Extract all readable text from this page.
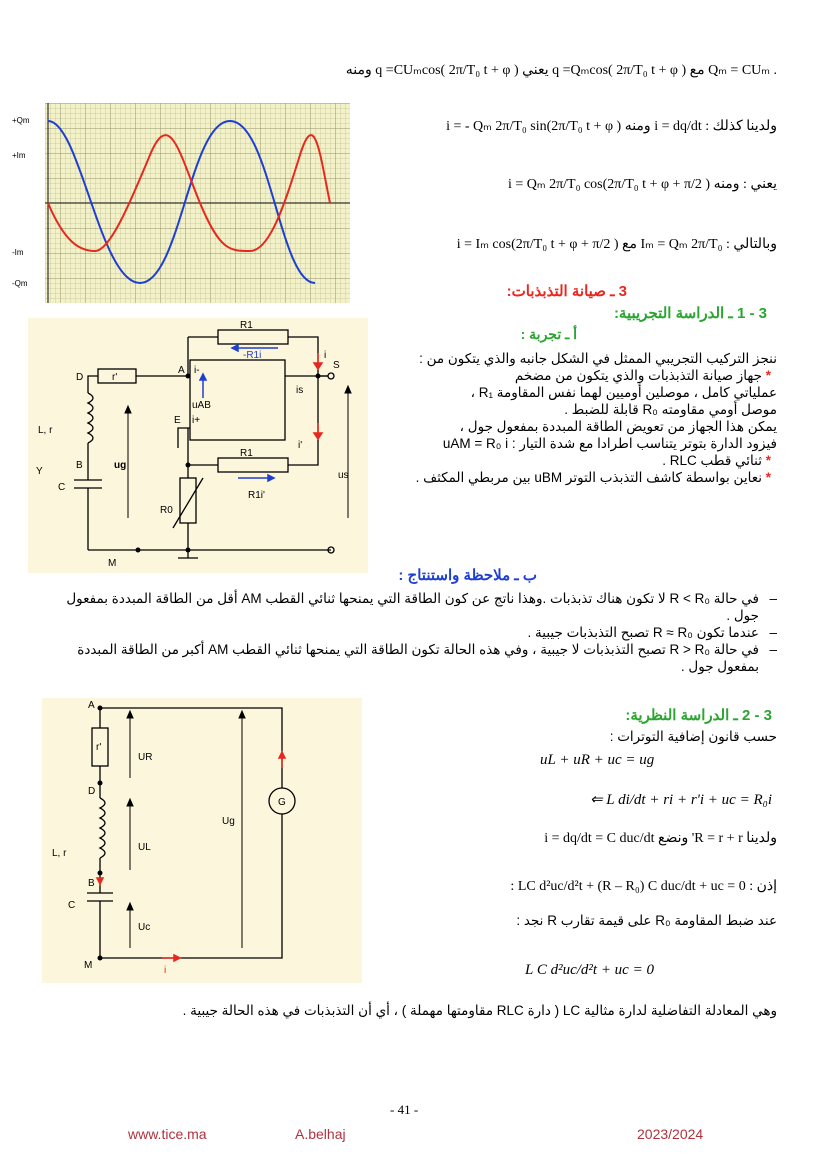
. Qₘ = CUₘ مع q =Qₘcos( 2π/T₀ t + φ ) يعني q =CUₘcos( 2π/T₀ t + φ ) ومنه
ولدينا كذلك : i = dq/dt ومنه i = - Qₘ 2π/T₀ sin(2π/T₀ t + φ )
يعني : ومنه i = Qₘ 2π/T₀ cos(2π/T₀ t + φ + π/2 )
وبالتالي : Iₘ = Qₘ 2π/T₀ مع i = Iₘ cos(2π/T₀ t + φ + π/2 )
+Qm
+Im
-Im
-Qm	3 ـ صيانة التذبذبات:
3 - 1 ـ الدراسة التجريبية:
أ ـ تجربة :
R1
-R1i
A i-
i
S
D	r'
uAB
is
E i+
i'
L, r
B	ug
Y
C
R1
R0
R1i'
us
M
ننجز التركيب التجريبي الممثل في الشكل جانبه والذي يتكون من :
* جهاز صيانة التذبذبات والذي يتكون من مضخم
عملياتي كامل ، موصلين أوميين لهما نفس المقاومة R₁ ،
موصل أومي مقاومته R₀ قابلة للضبط .
يمكن هذا الجهاز من تعويض الطاقة المبددة بمفعول جول ،
فيزود الدارة بتوتر يتناسب اطرادا مع شدة التيار : uAM = R₀ i
* ثنائي قطب RLC .
* نعاين بواسطة كاشف التذبذب التوتر uBM بين مربطي المكثف .
ب ـ ملاحظة واستنتاج :
–
في حالة R < R₀ لا تكون هناك تذبذبات .وهذا ناتج عن كون الطاقة التي يمنحها ثنائي القطب AM أقل من الطاقة المبددة بمفعول جول .
–
عندما تكون R ≈ R₀ تصبح التذبذبات جيبية .
–
في حالة R > R₀ تصبح التذبذبات لا جيبية ، وفي هذه الحالة تكون الطاقة التي يمنحها ثنائي القطب AM أكبر من الطاقة المبددة بمفعول جول .
3 - 2 ـ الدراسة النظرية:
حسب قانون إضافية التوترات :
uL + uR + uc = ug
L di/dt + ri + r'i + uc = R₀i ⇐
ولدينا R = r + r' ونضع i = dq/dt = C duc/dt
إذن : LC d²uc/d²t + (R – R₀) C duc/dt + uc = 0 :
عند ضبط المقاومة R₀ على قيمة تقارب R نجد :
L C d²uc/d²t + uc = 0
وهي المعادلة التفاضلية لدارة مثالية LC ( دارة RLC مقاومتها مهملة ) ، أي أن التذبذبات في هذه الحالة جيبية .
A
r'
UR
D
UL
L, r
B
C
Uc
M	i
Ug
G
- 41 -
www.tice.ma	A.belhaj	2023/2024
